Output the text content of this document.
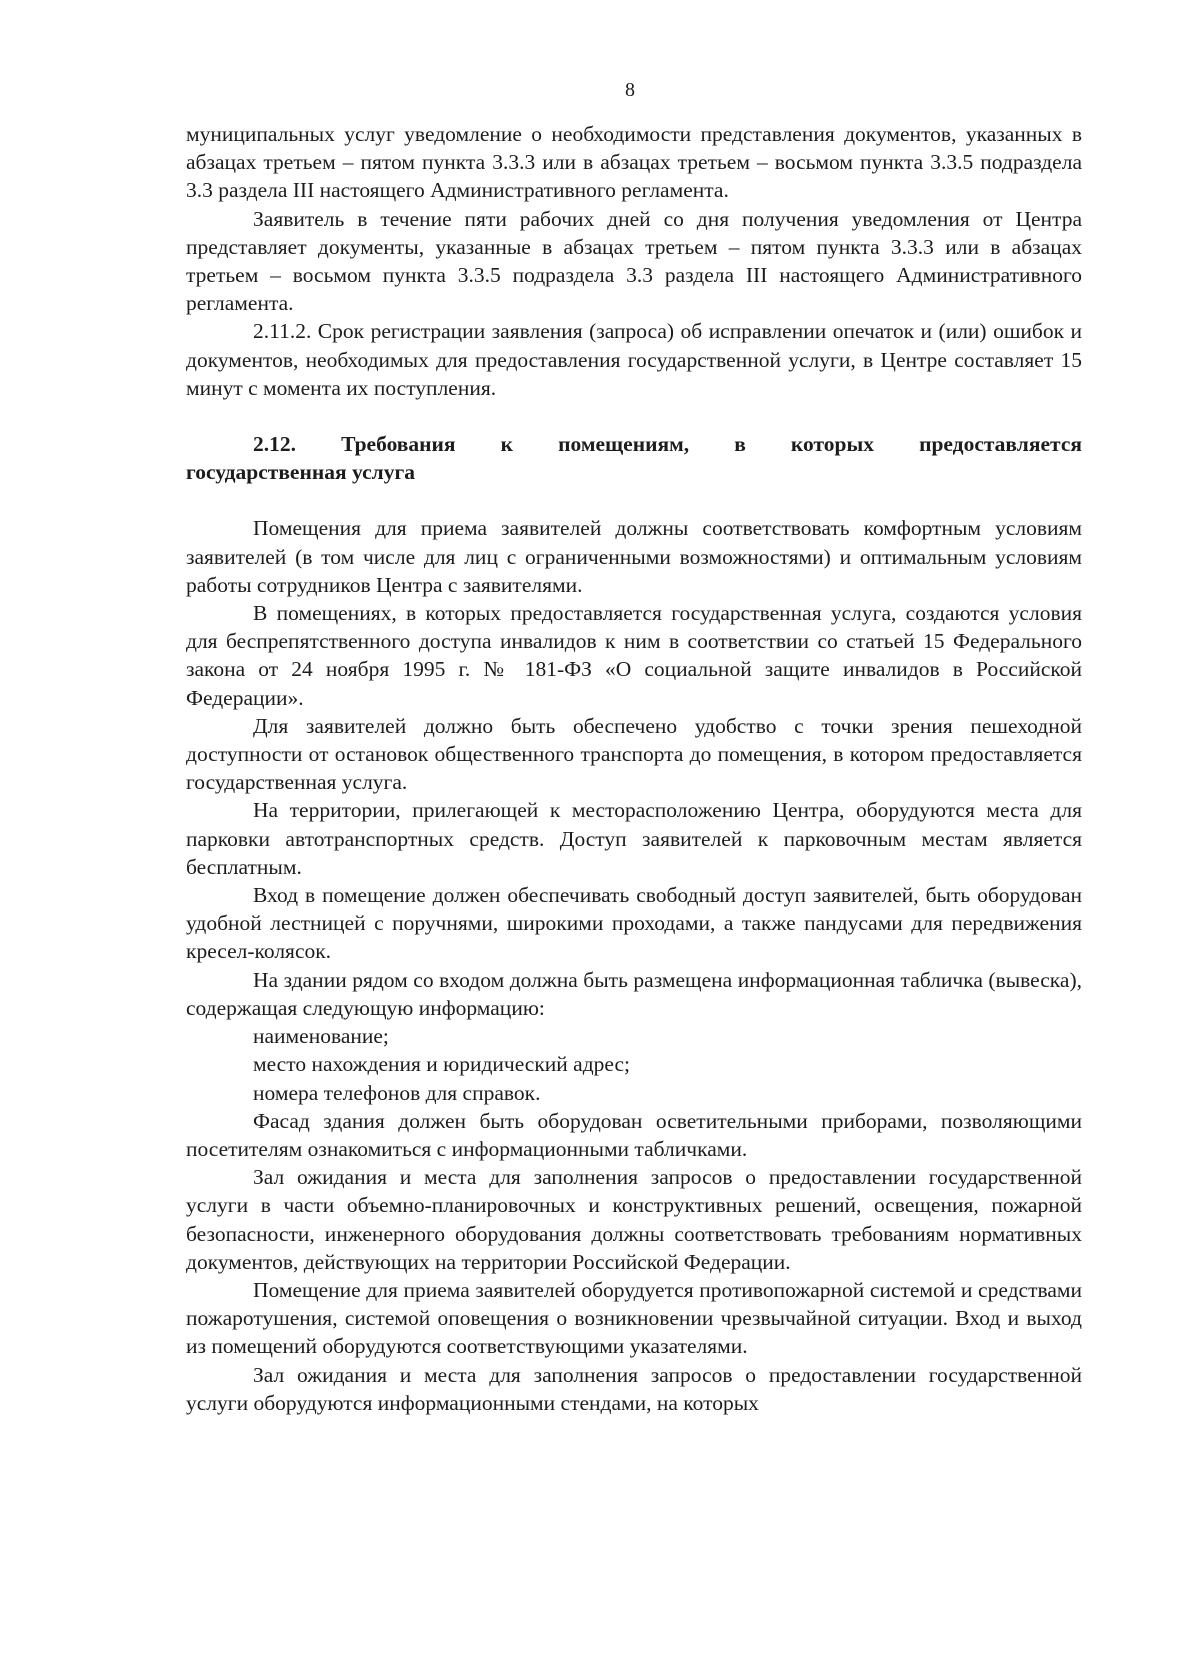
8

муниципальных услуг уведомление о необходимости представления документов, указанных в абзацах третьем – пятом пункта 3.3.3 или в абзацах третьем – восьмом пункта 3.3.5 подраздела 3.3 раздела III настоящего Административного регламента.

Заявитель в течение пяти рабочих дней со дня получения уведомления от Центра представляет документы, указанные в абзацах третьем – пятом пункта 3.3.3 или в абзацах третьем – восьмом пункта 3.3.5 подраздела 3.3 раздела III настоящего Административного регламента.

2.11.2. Срок регистрации заявления (запроса) об исправлении опечаток и (или) ошибок и документов, необходимых для предоставления государственной услуги, в Центре составляет 15 минут с момента их поступления.

2.12. Требования к помещениям, в которых предоставляется
государственная услуга

Помещения для приема заявителей должны соответствовать комфортным условиям заявителей (в том числе для лиц с ограниченными возможностями) и оптимальным условиям работы сотрудников Центра с заявителями.

В помещениях, в которых предоставляется государственная услуга, создаются условия для беспрепятственного доступа инвалидов к ним в соответствии со статьей 15 Федерального закона от 24 ноября 1995 г. № 181-ФЗ «О социальной защите инвалидов в Российской Федерации».

Для заявителей должно быть обеспечено удобство с точки зрения пешеходной доступности от остановок общественного транспорта до помещения, в котором предоставляется государственная услуга.

На территории, прилегающей к месторасположению Центра, оборудуются места для парковки автотранспортных средств. Доступ заявителей к парковочным местам является бесплатным.

Вход в помещение должен обеспечивать свободный доступ заявителей, быть оборудован удобной лестницей с поручнями, широкими проходами, а также пандусами для передвижения кресел-колясок.

На здании рядом со входом должна быть размещена информационная табличка (вывеска), содержащая следующую информацию:

наименование;

место нахождения и юридический адрес;

номера телефонов для справок.

Фасад здания должен быть оборудован осветительными приборами, позволяющими посетителям ознакомиться с информационными табличками.

Зал ожидания и места для заполнения запросов о предоставлении государственной услуги в части объемно-планировочных и конструктивных решений, освещения, пожарной безопасности, инженерного оборудования должны соответствовать требованиям нормативных документов, действующих на территории Российской Федерации.

Помещение для приема заявителей оборудуется противопожарной системой и средствами пожаротушения, системой оповещения о возникновении чрезвычайной ситуации. Вход и выход из помещений оборудуются соответствующими указателями.

Зал ожидания и места для заполнения запросов о предоставлении государственной услуги оборудуются информационными стендами, на которых
